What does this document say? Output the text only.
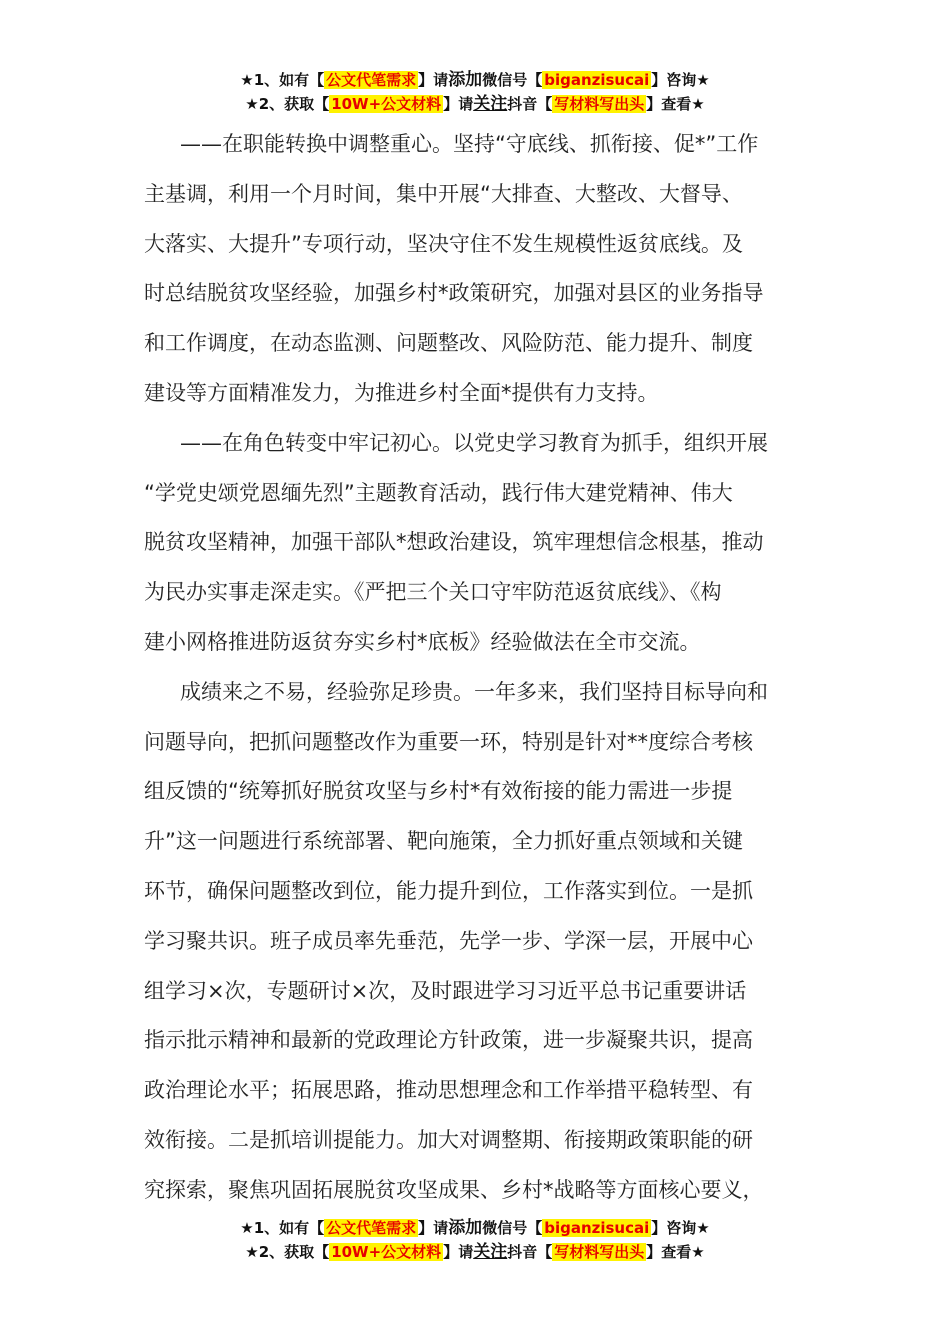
★1、如有【 公文代笔需求 】请添加微信号【 biganzisucai 】咨询★
★2、获取【 10W+公文材料 】请关注抖音【 写材料写出头 】查看★

——在职能转换中调整重心。坚持“守底线、抓衔接、促*”工作
主基调，利用一个月时间，集中开展“大排查、大整改、大督导、
大落实、大提升”专项行动，坚决守住不发生规模性返贫底线。及
时总结脱贫攻坚经验，加强乡村*政策研究，加强对县区的业务指导
和工作调度，在动态监测、问题整改、风险防范、能力提升、制度
建设等方面精准发力，为推进乡村全面*提供有力支持。

——在角色转变中牢记初心。以党史学习教育为抓手，组织开展
“学党史颂党恩缅先烈”主题教育活动，践行伟大建党精神、伟大
脱贫攻坚精神，加强干部队*想政治建设，筑牢理想信念根基，推动
为民办实事走深走实。《严把三个关口守牢防范返贫底线》、《构
建小网格推进防返贫夯实乡村*底板》经验做法在全市交流。

成绩来之不易，经验弥足珍贵。一年多来，我们坚持目标导向和
问题导向，把抓问题整改作为重要一环，特别是针对**度综合考核
组反馈的“统筹抓好脱贫攻坚与乡村*有效衔接的能力需进一步提
升”这一问题进行系统部署、靶向施策，全力抓好重点领域和关键
环节，确保问题整改到位，能力提升到位，工作落实到位。一是抓
学习聚共识。班子成员率先垂范，先学一步、学深一层，开展中心
组学习×次，专题研讨×次，及时跟进学习习近平总书记重要讲话
指示批示精神和最新的党政理论方针政策，进一步凝聚共识，提高
政治理论水平；拓展思路，推动思想理念和工作举措平稳转型、有
效衔接。二是抓培训提能力。加大对调整期、衔接期政策职能的研
究探索，聚焦巩固拓展脱贫攻坚成果、乡村*战略等方面核心要义，

★1、如有【 公文代笔需求 】请添加微信号【 biganzisucai 】咨询★
★2、获取【 10W+公文材料 】请关注抖音【 写材料写出头 】查看★
